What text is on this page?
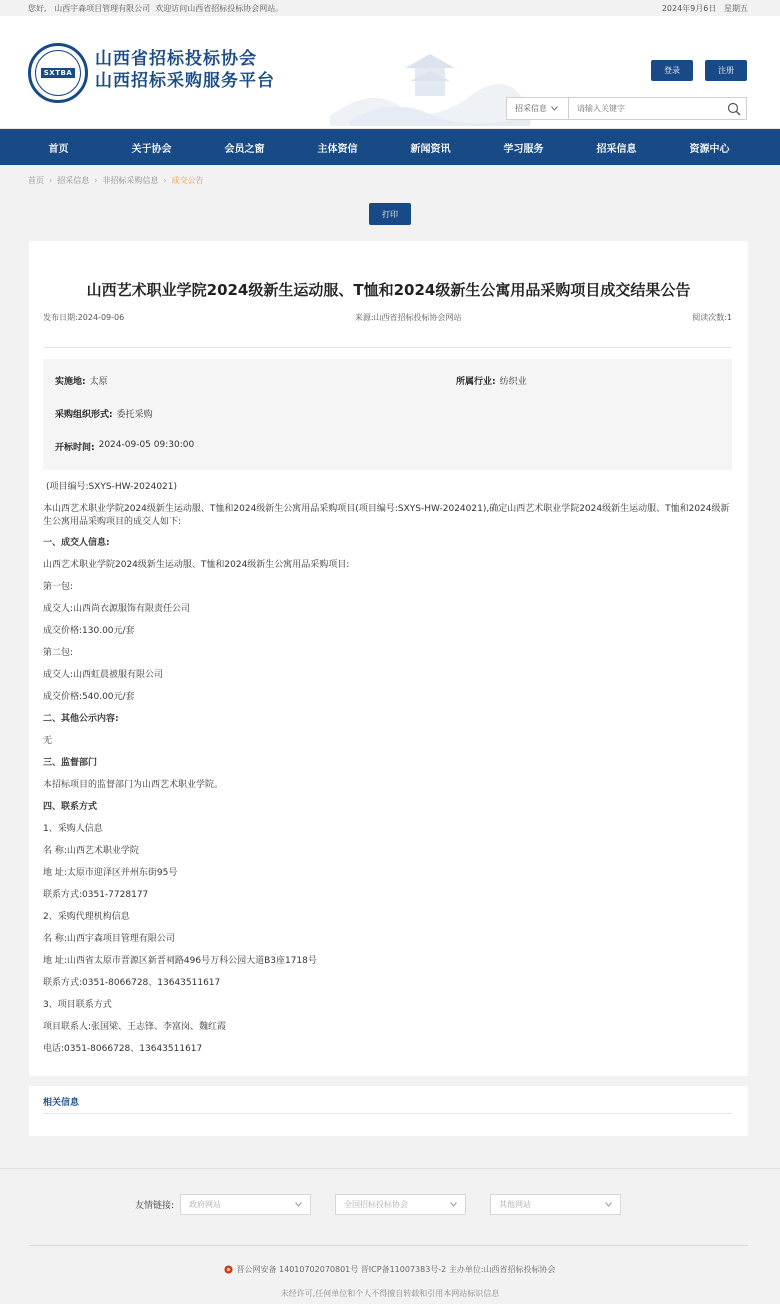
您好, 山西宇森项目管理有限公司 欢迎访问山西省招标投标协会网站。	2024年9月6日 星期五
SXTBA
山西省招标投标协会
山西招标采购服务平台
登录	注册
招采信息
请输入关键字
首页	关于协会	会员之窗	主体资信	新闻资讯	学习服务	招采信息	资源中心
首页 › 招采信息 › 非招标采购信息 › 成交公告
打印
山西艺术职业学院2024级新生运动服、T恤和2024级新生公寓用品采购项目成交结果公告
发布日期:2024-09-06	来源:山西省招标投标协会网站	阅读次数:1
实施地: 太原	所属行业: 纺织业
采购组织形式: 委托采购
开标时间: 2024-09-05 09:30:00

(项目编号:SXYS-HW-2024021)

本山西艺术职业学院2024级新生运动服、T恤和2024级新生公寓用品采购项目(项目编号:SXYS-HW-2024021),确定山西艺术职业学院2024级新生运动服、T恤和2024级新生公寓用品采购项目的成交人如下:

一、成交人信息:

山西艺术职业学院2024级新生运动服、T恤和2024级新生公寓用品采购项目:

第一包:

成交人:山西尚衣源服饰有限责任公司

成交价格:130.00元/套

第二包:

成交人:山西虹晨被服有限公司

成交价格:540.00元/套

二、其他公示内容:

无

三、监督部门

本招标项目的监督部门为山西艺术职业学院。

四、联系方式

1、采购人信息

名 称:山西艺术职业学院

地 址:太原市迎泽区并州东街95号

联系方式:0351-7728177

2、采购代理机构信息

名 称:山西宇森项目管理有限公司

地 址:山西省太原市晋源区新晋祠路496号万科公园大道B3座1718号

联系方式:0351-8066728、13643511617

3、项目联系方式

项目联系人:张国梁、王志锋、李富岗、魏红霞

电话:0351-8066728、13643511617

相关信息
友情链接: 政府网站	全国招标投标协会	其他网站
晋公网安备 14010702070801号 晋ICP备11007383号-2 主办单位:山西省招标投标协会
未经许可,任何单位和个人不得擅自转载和引用本网站标识信息
